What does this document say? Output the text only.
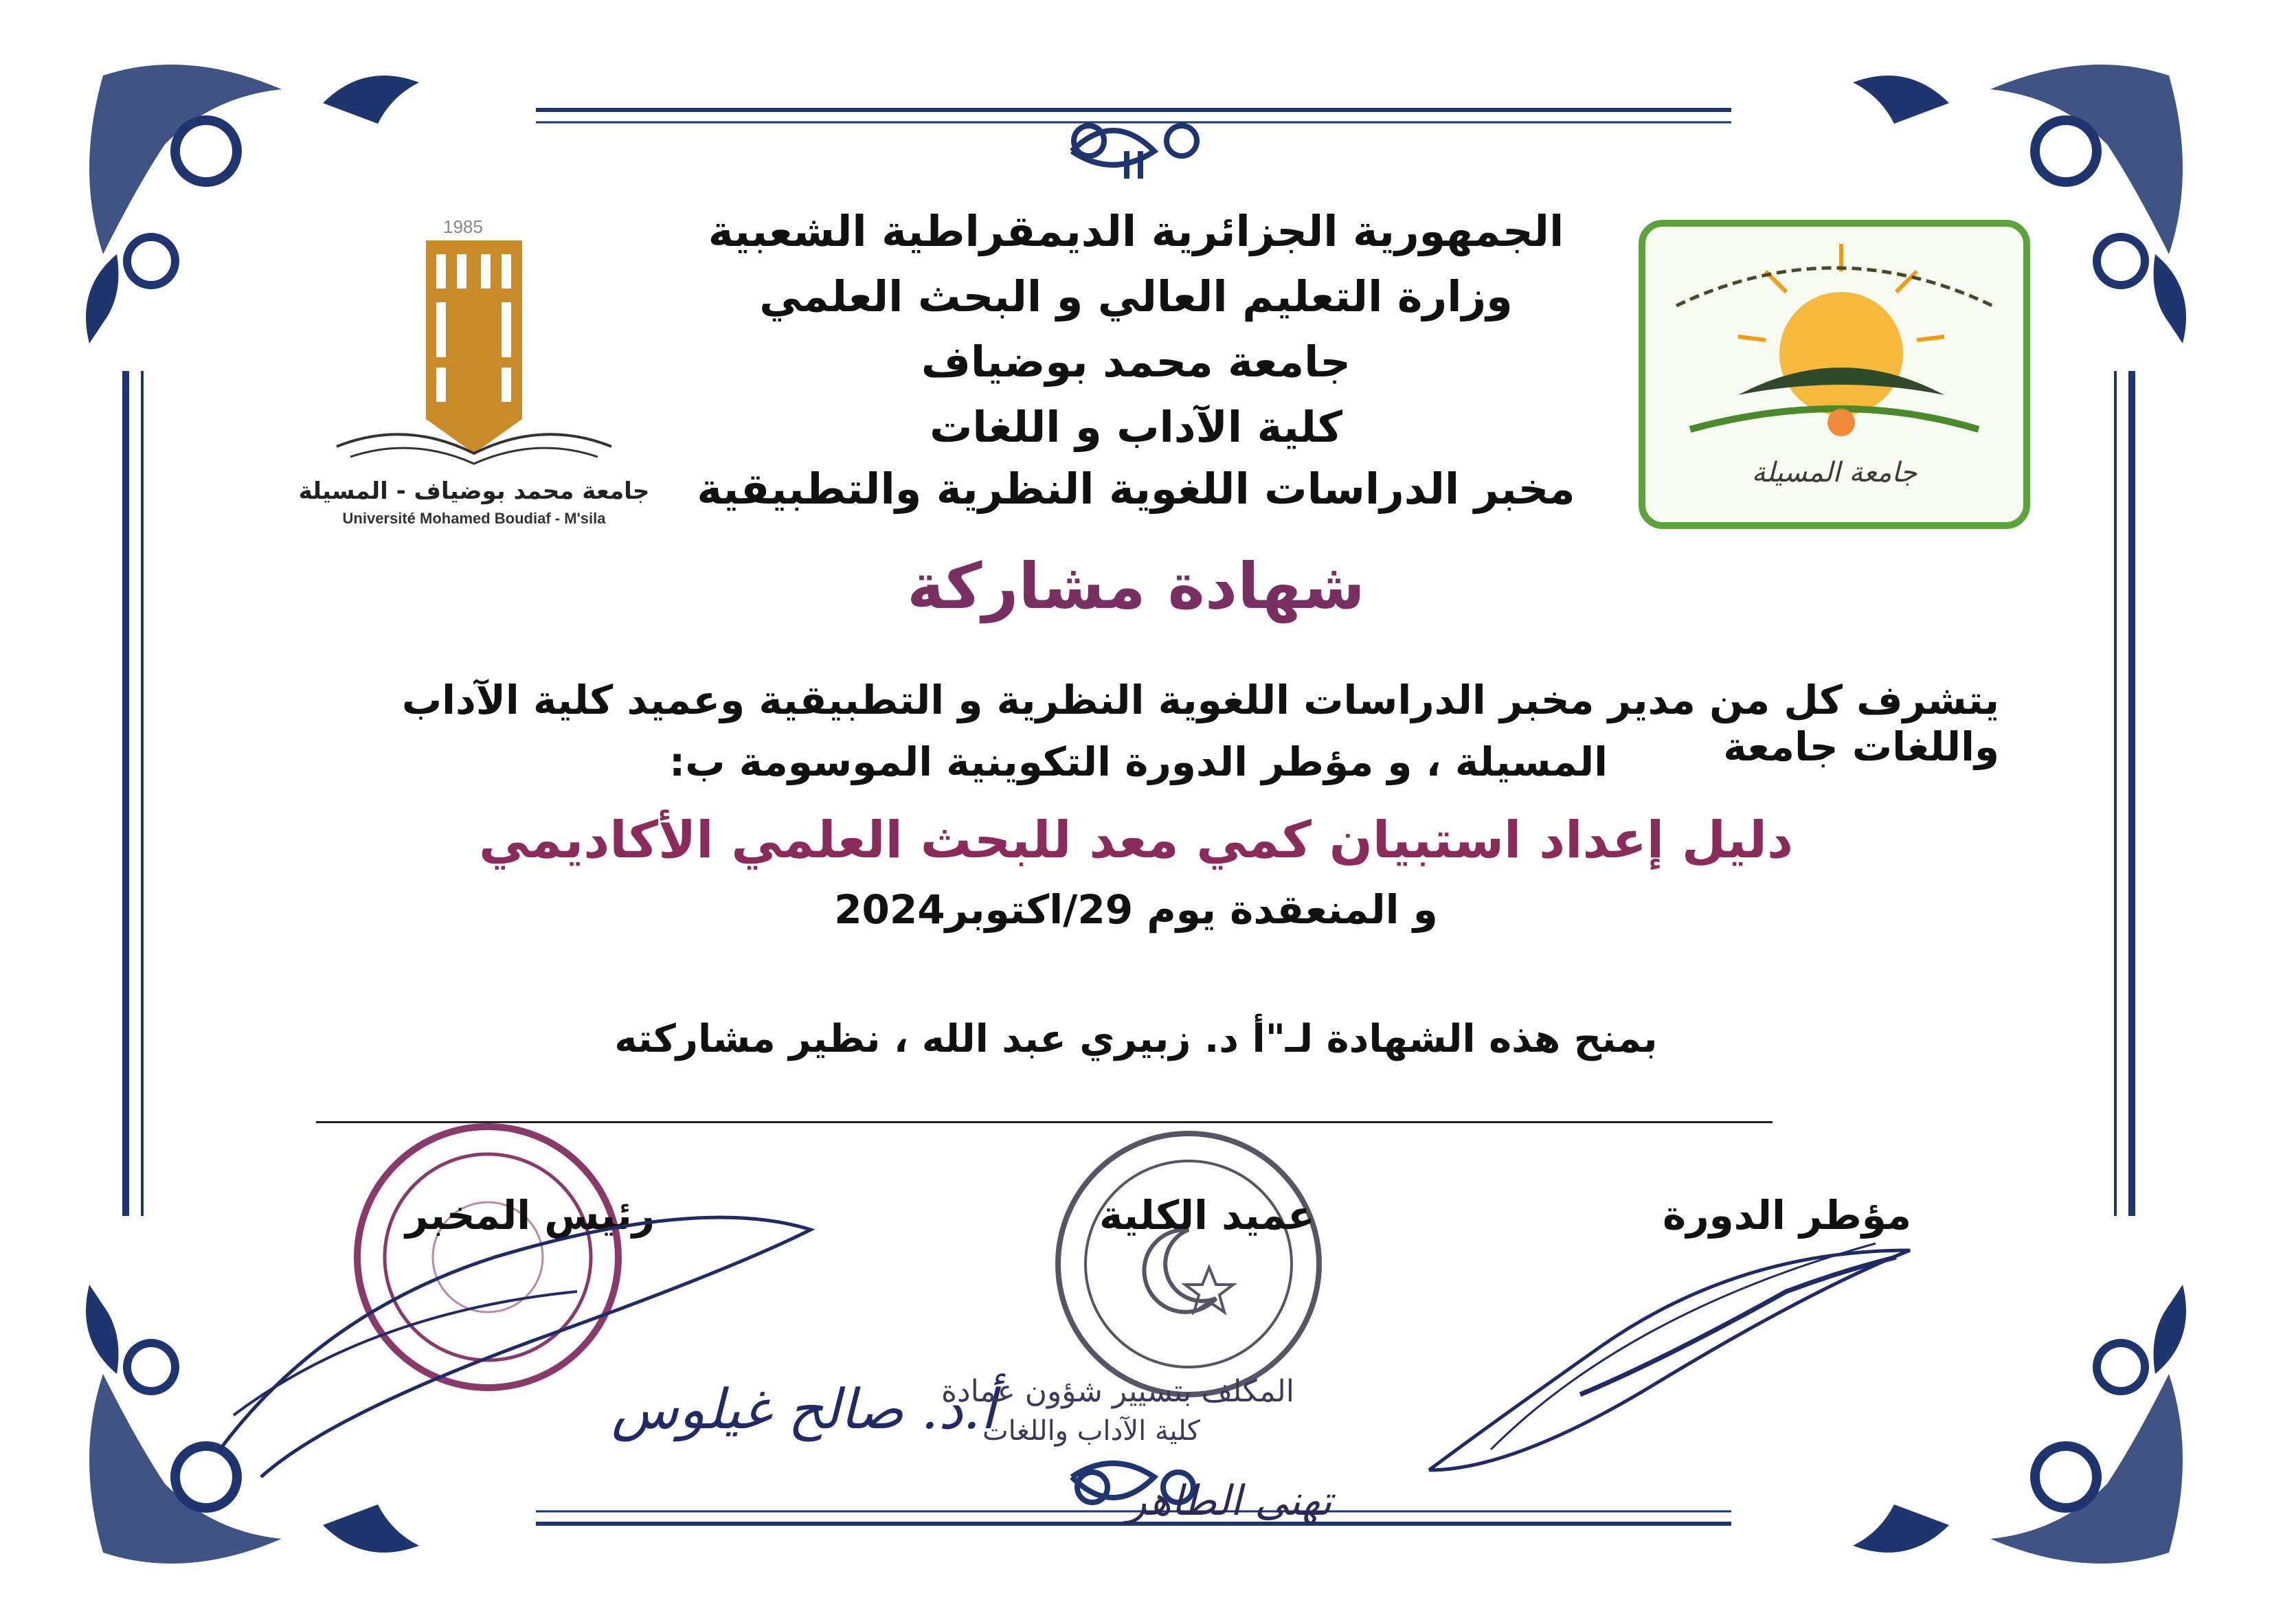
1985
جامعة محمد بوضياف - المسيلة
Université Mohamed Boudiaf - M'sila
جامعة المسيلة
الجمهورية الجزائرية الديمقراطية الشعبية
وزارة التعليم العالي و البحث العلمي
جامعة محمد بوضياف
كلية الآداب و اللغات
مخبر الدراسات اللغوية النظرية والتطبيقية
شهادة مشاركة
يتشرف كل من مدير مخبر الدراسات اللغوية النظرية و التطبيقية وعميد كلية الآداب واللغات جامعة
المسيلة ، و مؤطر الدورة التكوينية الموسومة ب:
دليل إعداد استبيان كمي معد للبحث العلمي الأكاديمي
و المنعقدة يوم 29/اكتوبر2024
بمنح هذه الشهادة لـ"أ د. زبيري عبد الله ، نظير مشاركته
مؤطر الدورة
عميد الكلية
رئيس المخبر
أ.د. صالح غيلوس
المكلف بتسيير شؤون عمادة
كلية الآداب واللغات
تهني الطاهر
